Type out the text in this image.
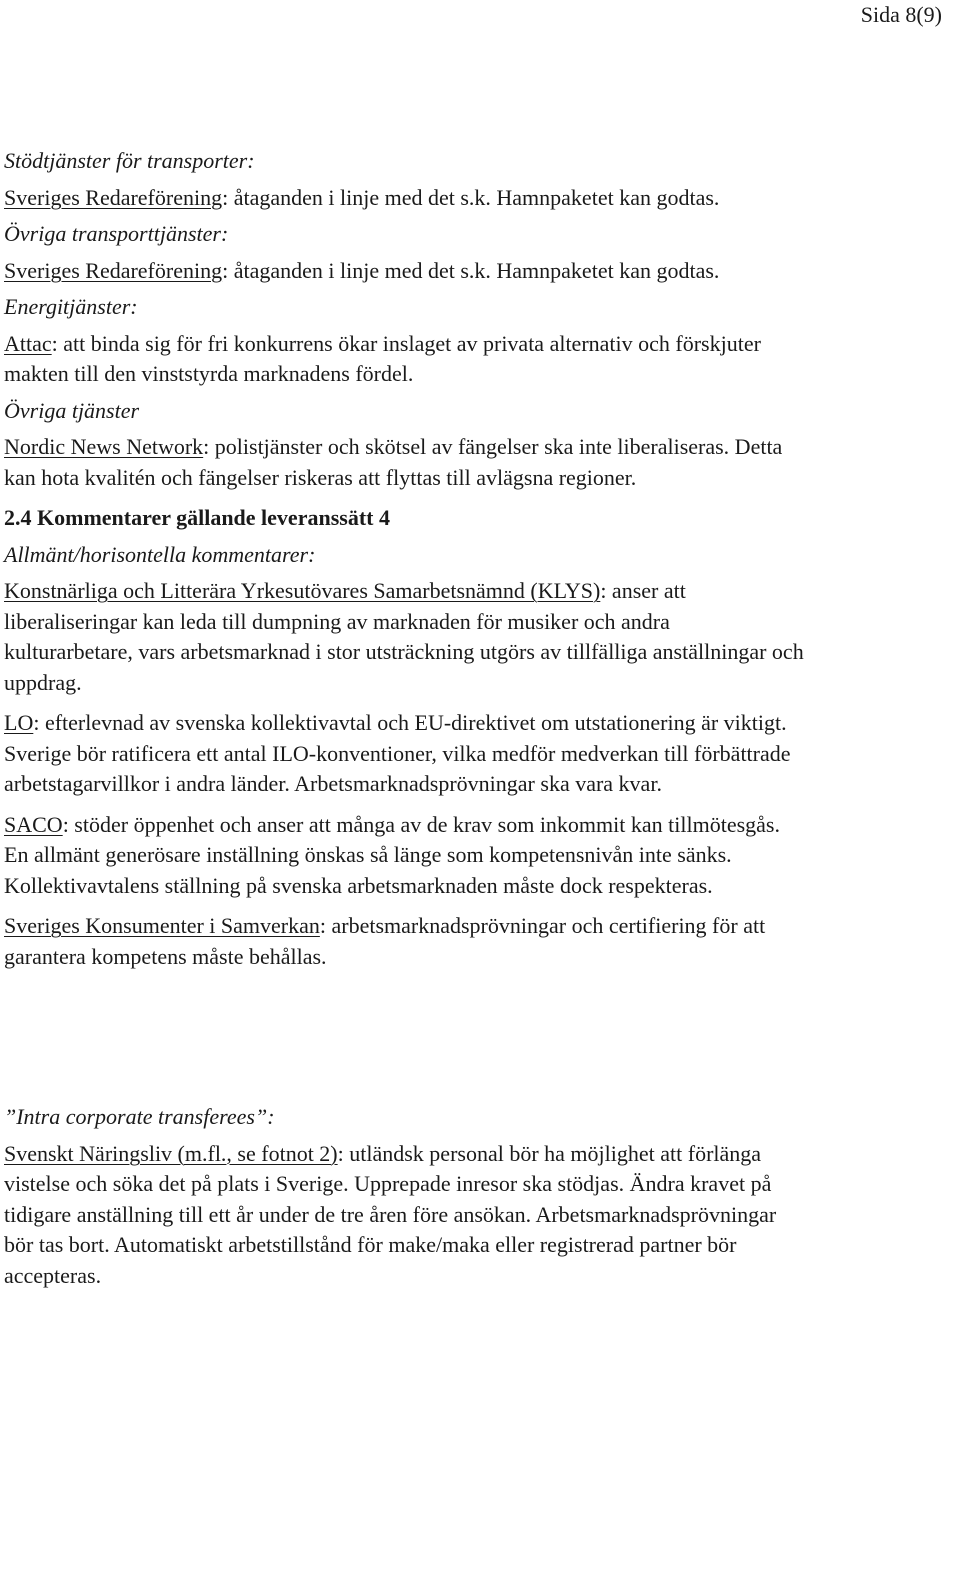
Sida 8(9)

Stödtjänster för transporter:

Sveriges Redareförening: åtaganden i linje med det s.k. Hamnpaketet kan godtas.

Övriga transporttjänster:

Sveriges Redareförening: åtaganden i linje med det s.k. Hamnpaketet kan godtas.

Energitjänster:

Attac: att binda sig för fri konkurrens ökar inslaget av privata alternativ och förskjuter makten till den vinststyrda marknadens fördel.

Övriga tjänster

Nordic News Network: polistjänster och skötsel av fängelser ska inte liberaliseras. Detta kan hota kvalitén och fängelser riskeras att flyttas till avlägsna regioner.

2.4 Kommentarer gällande leveranssätt 4

Allmänt/horisontella kommentarer:

Konstnärliga och Litterära Yrkesutövares Samarbetsnämnd (KLYS): anser att liberaliseringar kan leda till dumpning av marknaden för musiker och andra kulturarbetare, vars arbetsmarknad i stor utsträckning utgörs av tillfälliga anställningar och uppdrag.

LO: efterlevnad av svenska kollektivavtal och EU-direktivet om utstationering är viktigt. Sverige bör ratificera ett antal ILO-konventioner, vilka medför medverkan till förbättrade arbetstagarvillkor i andra länder. Arbetsmarknadsprövningar ska vara kvar.

SACO: stöder öppenhet och anser att många av de krav som inkommit kan tillmötesgås. En allmänt generösare inställning önskas så länge som kompetensnivån inte sänks. Kollektivavtalens ställning på svenska arbetsmarknaden måste dock respekteras.

Sveriges Konsumenter i Samverkan: arbetsmarknadsprövningar och certifiering för att garantera kompetens måste behållas.

”Intra corporate transferees”:

Svenskt Näringsliv (m.fl., se fotnot 2): utländsk personal bör ha möjlighet att förlänga vistelse och söka det på plats i Sverige. Upprepade inresor ska stödjas. Ändra kravet på tidigare anställning till ett år under de tre åren före ansökan. Arbetsmarknadsprövningar bör tas bort. Automatiskt arbetstillstånd för make/maka eller registrerad partner bör accepteras.
